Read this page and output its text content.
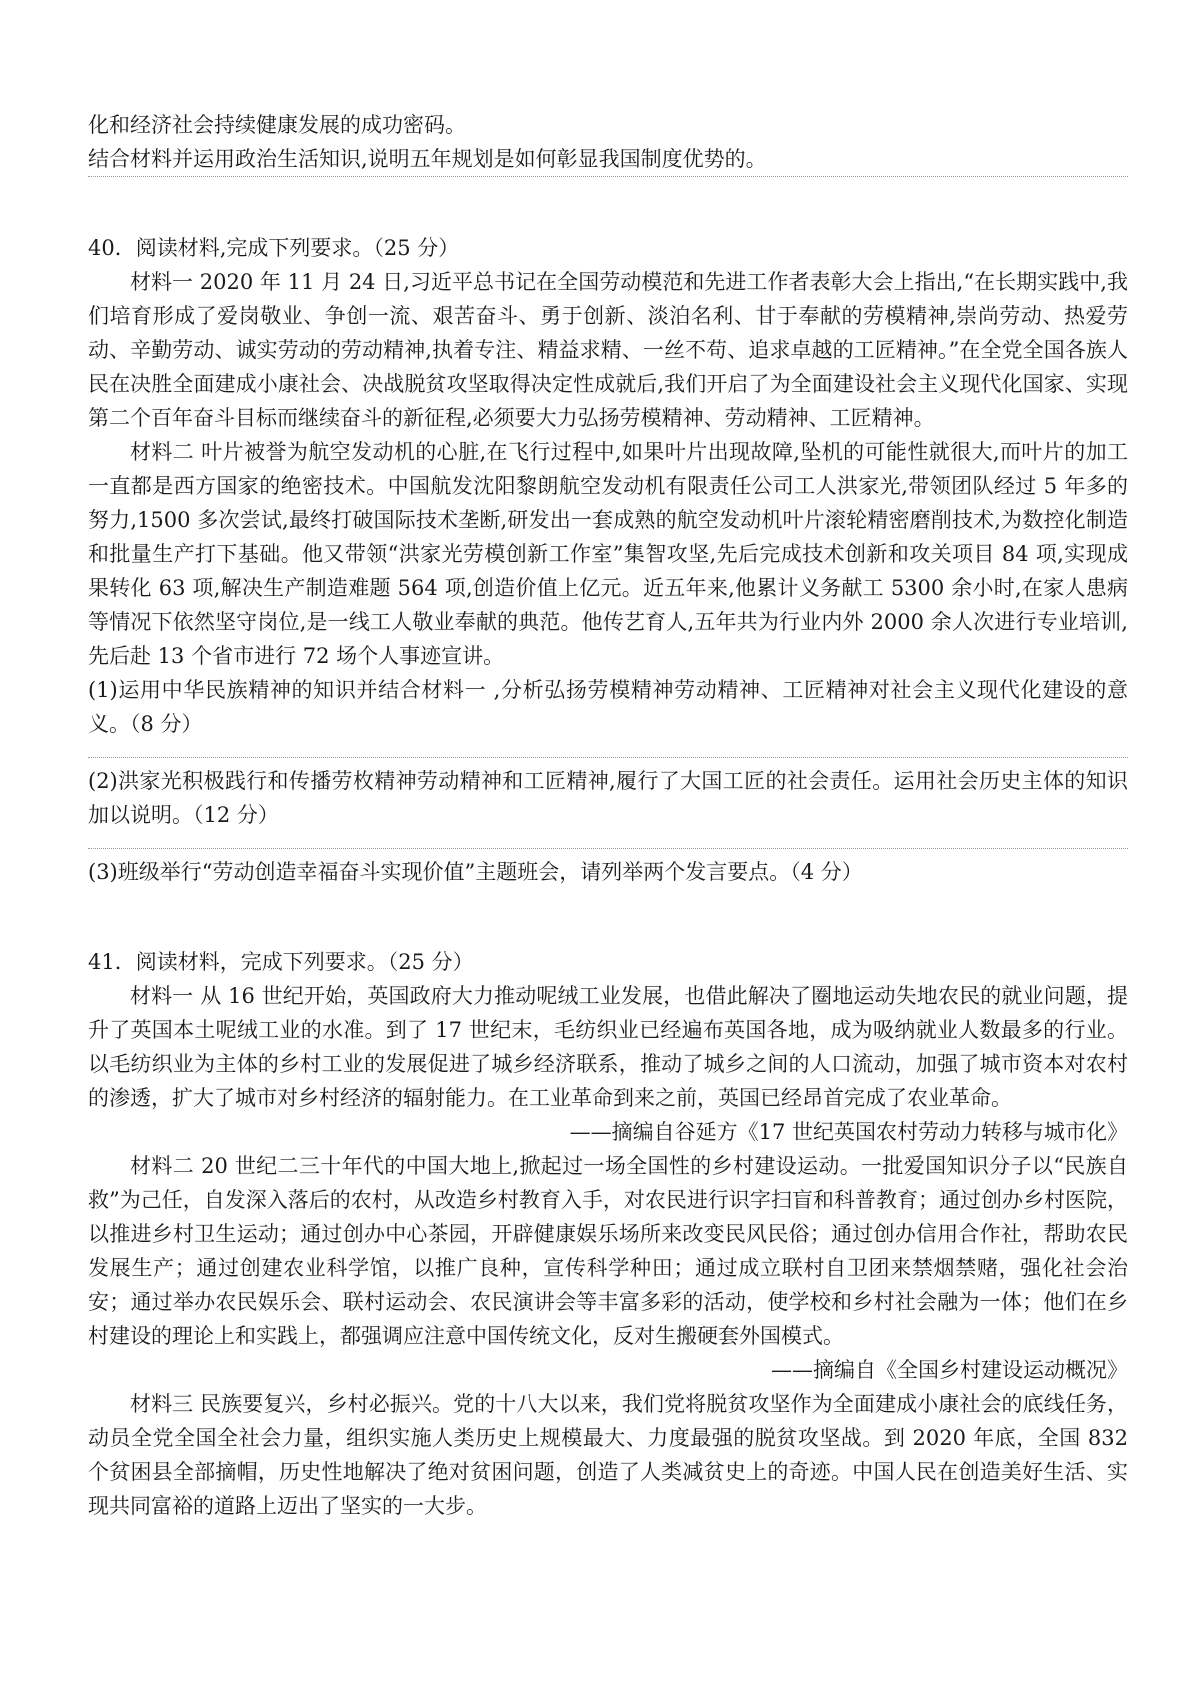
化和经济社会持续健康发展的成功密码。
结合材料并运用政治生活知识,说明五年规划是如何彰显我国制度优势的。
40．阅读材料,完成下列要求。（25 分）
材料一 2020 年 11 月 24 日,习近平总书记在全国劳动模范和先进工作者表彰大会上指出,“在长期实践中,我们培育形成了爱岗敬业、争创一流、艰苦奋斗、勇于创新、淡泊名利、甘于奉献的劳模精神,崇尚劳动、热爱劳动、辛勤劳动、诚实劳动的劳动精神,执着专注、精益求精、一丝不苟、追求卓越的工匠精神。”在全党全国各族人民在决胜全面建成小康社会、决战脱贫攻坚取得决定性成就后,我们开启了为全面建设社会主义现代化国家、实现第二个百年奋斗目标而继续奋斗的新征程,必须要大力弘扬劳模精神、劳动精神、工匠精神。
材料二 叶片被誉为航空发动机的心脏,在飞行过程中,如果叶片出现故障,坠机的可能性就很大,而叶片的加工一直都是西方国家的绝密技术。中国航发沈阳黎朗航空发动机有限责任公司工人洪家光,带领团队经过 5 年多的努力,1500 多次尝试,最终打破国际技术垄断,研发出一套成熟的航空发动机叶片滚轮精密磨削技术,为数控化制造和批量生产打下基础。他又带领“洪家光劳模创新工作室”集智攻坚,先后完成技术创新和攻关项目 84 项,实现成果转化 63 项,解决生产制造难题 564 项,创造价值上亿元。近五年来,他累计义务献工 5300 余小时,在家人患病等情况下依然坚守岗位,是一线工人敬业奉献的典范。他传艺育人,五年共为行业内外 2000 余人次进行专业培训,先后赴 13 个省市进行 72 场个人事迹宣讲。
(1)运用中华民族精神的知识并结合材料一 ,分析弘扬劳模精神劳动精神、工匠精神对社会主义现代化建设的意义。（8 分）
(2)洪家光积极践行和传播劳枚精神劳动精神和工匠精神,履行了大国工匠的社会责任。运用社会历史主体的知识加以说明。（12 分）
(3)班级举行“劳动创造幸福奋斗实现价值”主题班会，请列举两个发言要点。（4 分）
41．阅读材料，完成下列要求。（25 分）
材料一 从 16 世纪开始，英国政府大力推动呢绒工业发展，也借此解决了圈地运动失地农民的就业问题，提升了英国本土呢绒工业的水准。到了 17 世纪末，毛纺织业已经遍布英国各地，成为吸纳就业人数最多的行业。以毛纺织业为主体的乡村工业的发展促进了城乡经济联系，推动了城乡之间的人口流动，加强了城市资本对农村的渗透，扩大了城市对乡村经济的辐射能力。在工业革命到来之前，英国已经昂首完成了农业革命。
——摘编自谷延方《17 世纪英国农村劳动力转移与城市化》
材料二 20 世纪二三十年代的中国大地上,掀起过一场全国性的乡村建设运动。一批爱国知识分子以“民族自救”为己任，自发深入落后的农村，从改造乡村教育入手，对农民进行识字扫盲和科普教育；通过创办乡村医院，以推进乡村卫生运动；通过创办中心茶园，开辟健康娱乐场所来改变民风民俗；通过创办信用合作社，帮助农民发展生产；通过创建农业科学馆，以推广良种，宣传科学种田；通过成立联村自卫团来禁烟禁赌，强化社会治安；通过举办农民娱乐会、联村运动会、农民演讲会等丰富多彩的活动，使学校和乡村社会融为一体；他们在乡村建设的理论上和实践上，都强调应注意中国传统文化，反对生搬硬套外国模式。
——摘编自《全国乡村建设运动概况》
材料三 民族要复兴，乡村必振兴。党的十八大以来，我们党将脱贫攻坚作为全面建成小康社会的底线任务，动员全党全国全社会力量，组织实施人类历史上规模最大、力度最强的脱贫攻坚战。到 2020 年底，全国 832 个贫困县全部摘帽，历史性地解决了绝对贫困问题，创造了人类减贫史上的奇迹。中国人民在创造美好生活、实现共同富裕的道路上迈出了坚实的一大步。
